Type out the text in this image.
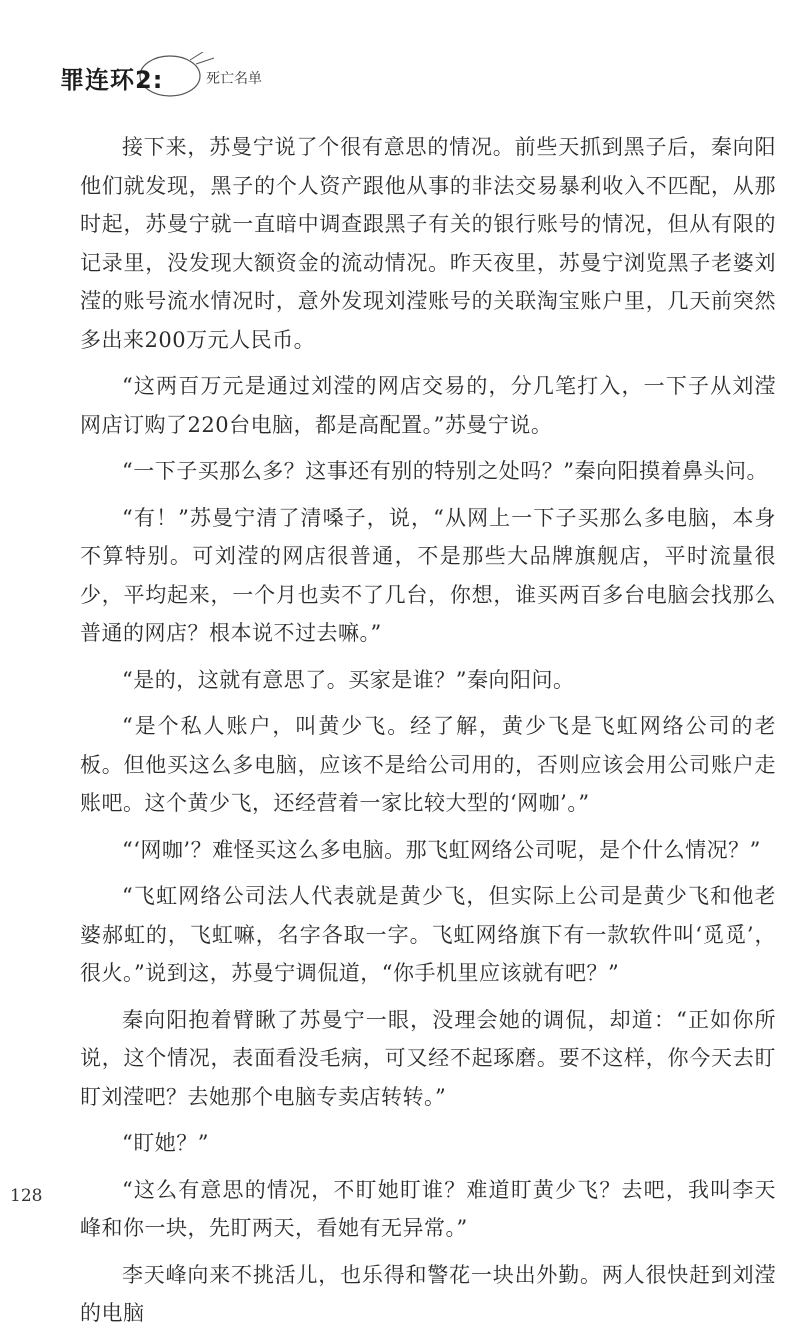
罪连环2:	死亡名单

接下来，苏曼宁说了个很有意思的情况。前些天抓到黑子后，秦向阳他们就发现，黑子的个人资产跟他从事的非法交易暴利收入不匹配，从那时起，苏曼宁就一直暗中调查跟黑子有关的银行账号的情况，但从有限的记录里，没发现大额资金的流动情况。昨天夜里，苏曼宁浏览黑子老婆刘滢的账号流水情况时，意外发现刘滢账号的关联淘宝账户里，几天前突然多出来200万元人民币。

“这两百万元是通过刘滢的网店交易的，分几笔打入，一下子从刘滢网店订购了220台电脑，都是高配置。”苏曼宁说。

“一下子买那么多？这事还有别的特别之处吗？”秦向阳摸着鼻头问。

“有！”苏曼宁清了清嗓子，说，“从网上一下子买那么多电脑，本身不算特别。可刘滢的网店很普通，不是那些大品牌旗舰店，平时流量很少，平均起来，一个月也卖不了几台，你想，谁买两百多台电脑会找那么普通的网店？根本说不过去嘛。”

“是的，这就有意思了。买家是谁？”秦向阳问。

“是个私人账户，叫黄少飞。经了解，黄少飞是飞虹网络公司的老板。但他买这么多电脑，应该不是给公司用的，否则应该会用公司账户走账吧。这个黄少飞，还经营着一家比较大型的‘网咖’。”

“‘网咖’？难怪买这么多电脑。那飞虹网络公司呢，是个什么情况？”

“飞虹网络公司法人代表就是黄少飞，但实际上公司是黄少飞和他老婆郝虹的，飞虹嘛，名字各取一字。飞虹网络旗下有一款软件叫‘觅觅’，很火。”说到这，苏曼宁调侃道，“你手机里应该就有吧？”

秦向阳抱着臂瞅了苏曼宁一眼，没理会她的调侃，却道：“正如你所说，这个情况，表面看没毛病，可又经不起琢磨。要不这样，你今天去盯盯刘滢吧？去她那个电脑专卖店转转。”

“盯她？”

“这么有意思的情况，不盯她盯谁？难道盯黄少飞？去吧，我叫李天峰和你一块，先盯两天，看她有无异常。”

李天峰向来不挑活儿，也乐得和警花一块出外勤。两人很快赶到刘滢的电脑

128
